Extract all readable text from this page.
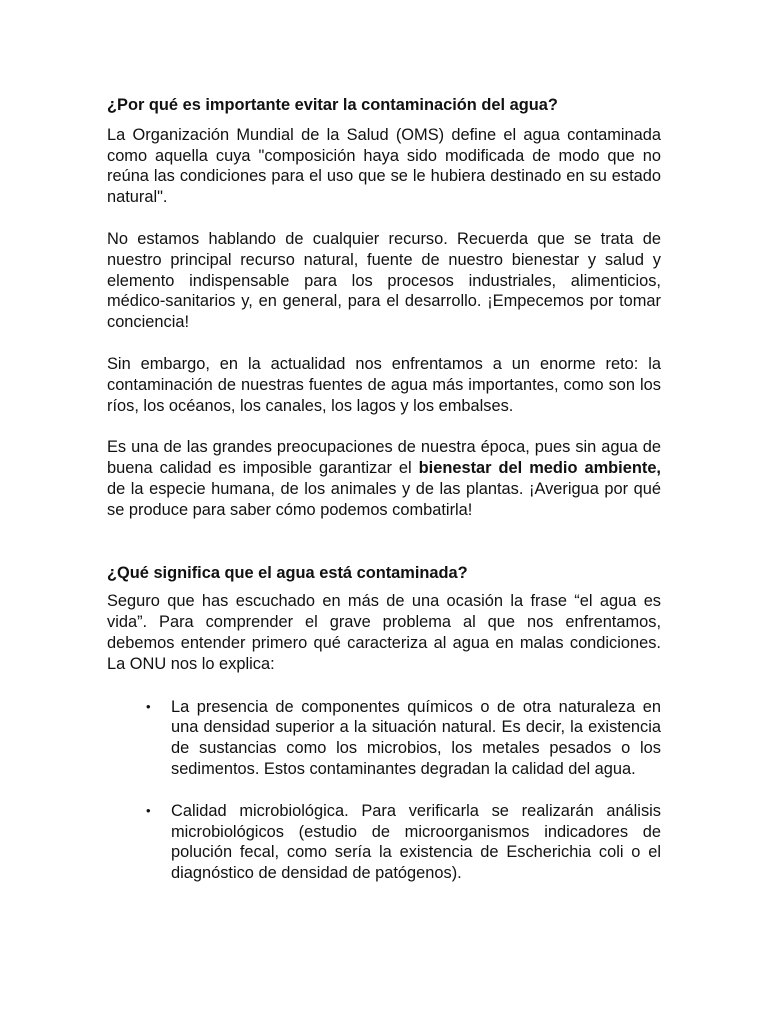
¿Por qué es importante evitar la contaminación del agua?

La Organización Mundial de la Salud (OMS) define el agua contaminada como aquella cuya "composición haya sido modificada de modo que no reúna las condiciones para el uso que se le hubiera destinado en su estado natural".

No estamos hablando de cualquier recurso. Recuerda que se trata de nuestro principal recurso natural, fuente de nuestro bienestar y salud y elemento indispensable para los procesos industriales, alimenticios, médico-sanitarios y, en general, para el desarrollo. ¡Empecemos por tomar conciencia!

Sin embargo, en la actualidad nos enfrentamos a un enorme reto: la contaminación de nuestras fuentes de agua más importantes, como son los ríos, los océanos, los canales, los lagos y los embalses.

Es una de las grandes preocupaciones de nuestra época, pues sin agua de buena calidad es imposible garantizar el bienestar del medio ambiente, de la especie humana, de los animales y de las plantas. ¡Averigua por qué se produce para saber cómo podemos combatirla!

¿Qué significa que el agua está contaminada?

Seguro que has escuchado en más de una ocasión la frase “el agua es vida”. Para comprender el grave problema al que nos enfrentamos, debemos entender primero qué caracteriza al agua en malas condiciones. La ONU nos lo explica:

• La presencia de componentes químicos o de otra naturaleza en una densidad superior a la situación natural. Es decir, la existencia de sustancias como los microbios, los metales pesados o los sedimentos. Estos contaminantes degradan la calidad del agua.
• Calidad microbiológica. Para verificarla se realizarán análisis microbiológicos (estudio de microorganismos indicadores de polución fecal, como sería la existencia de Escherichia coli o el diagnóstico de densidad de patógenos).
